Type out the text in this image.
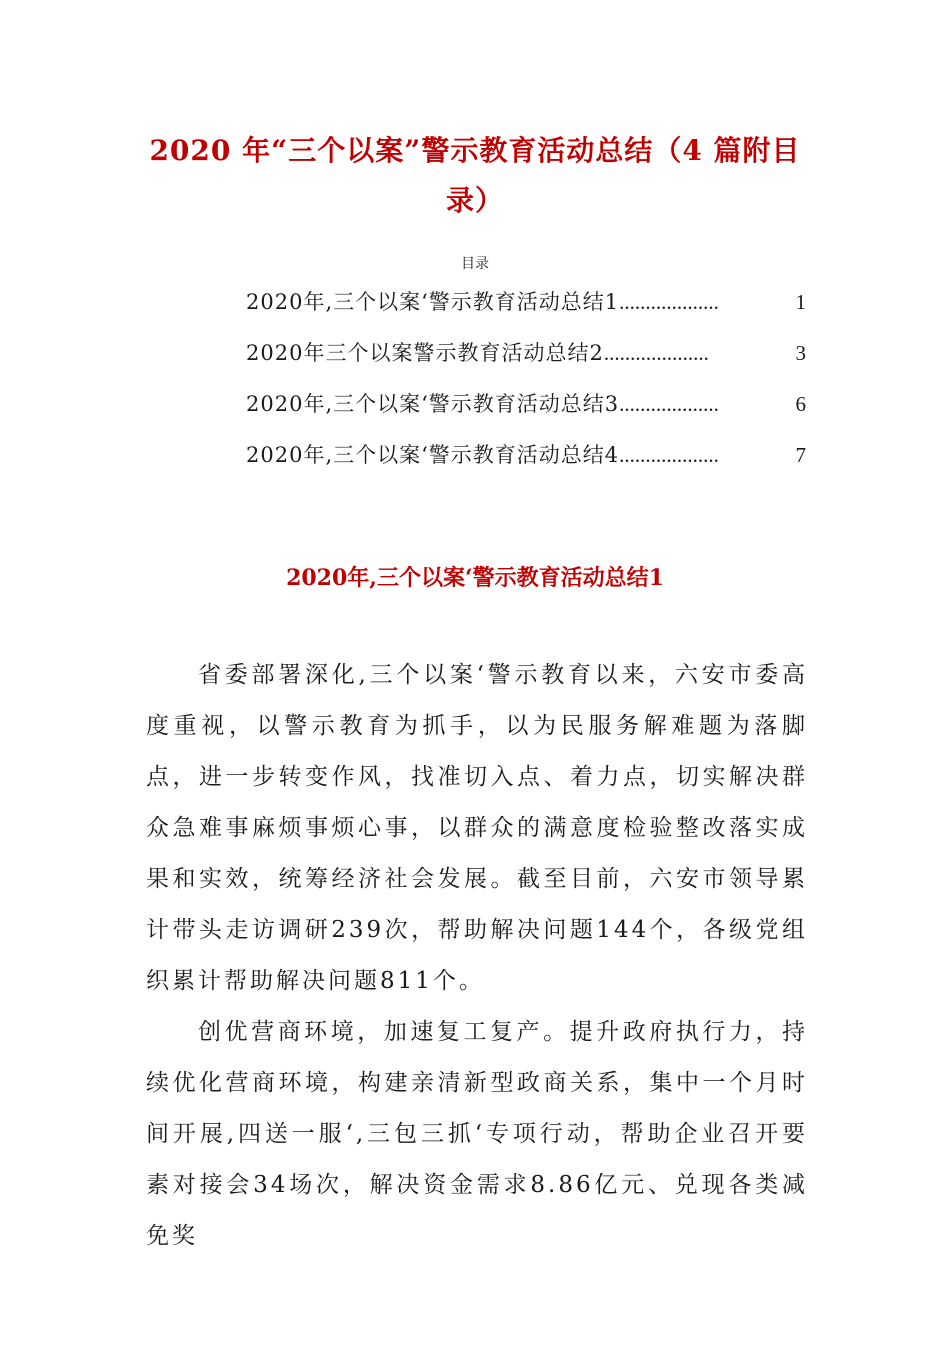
2020 年“三个以案”警示教育活动总结（4 篇附目录）
目录
2020年,三个以案‘警示教育活动总结1 ...................	1
2020年三个以案警示教育活动总结2 ....................	3
2020年,三个以案‘警示教育活动总结3 ...................	6
2020年,三个以案‘警示教育活动总结4 ...................	7
2020年,三个以案‘警示教育活动总结1

省委部署深化,三个以案‘警示教育以来，六安市委高度重视，以警示教育为抓手，以为民服务解难题为落脚点，进一步转变作风，找准切入点、着力点，切实解决群众急难事麻烦事烦心事，以群众的满意度检验整改落实成果和实效，统筹经济社会发展。截至目前，六安市领导累计带头走访调研239次，帮助解决问题144个，各级党组织累计帮助解决问题811个。

创优营商环境，加速复工复产。提升政府执行力，持续优化营商环境，构建亲清新型政商关系，集中一个月时间开展,四送一服‘,三包三抓‘专项行动，帮助企业召开要素对接会34场次，解决资金需求8.86亿元、兑现各类减免奖
